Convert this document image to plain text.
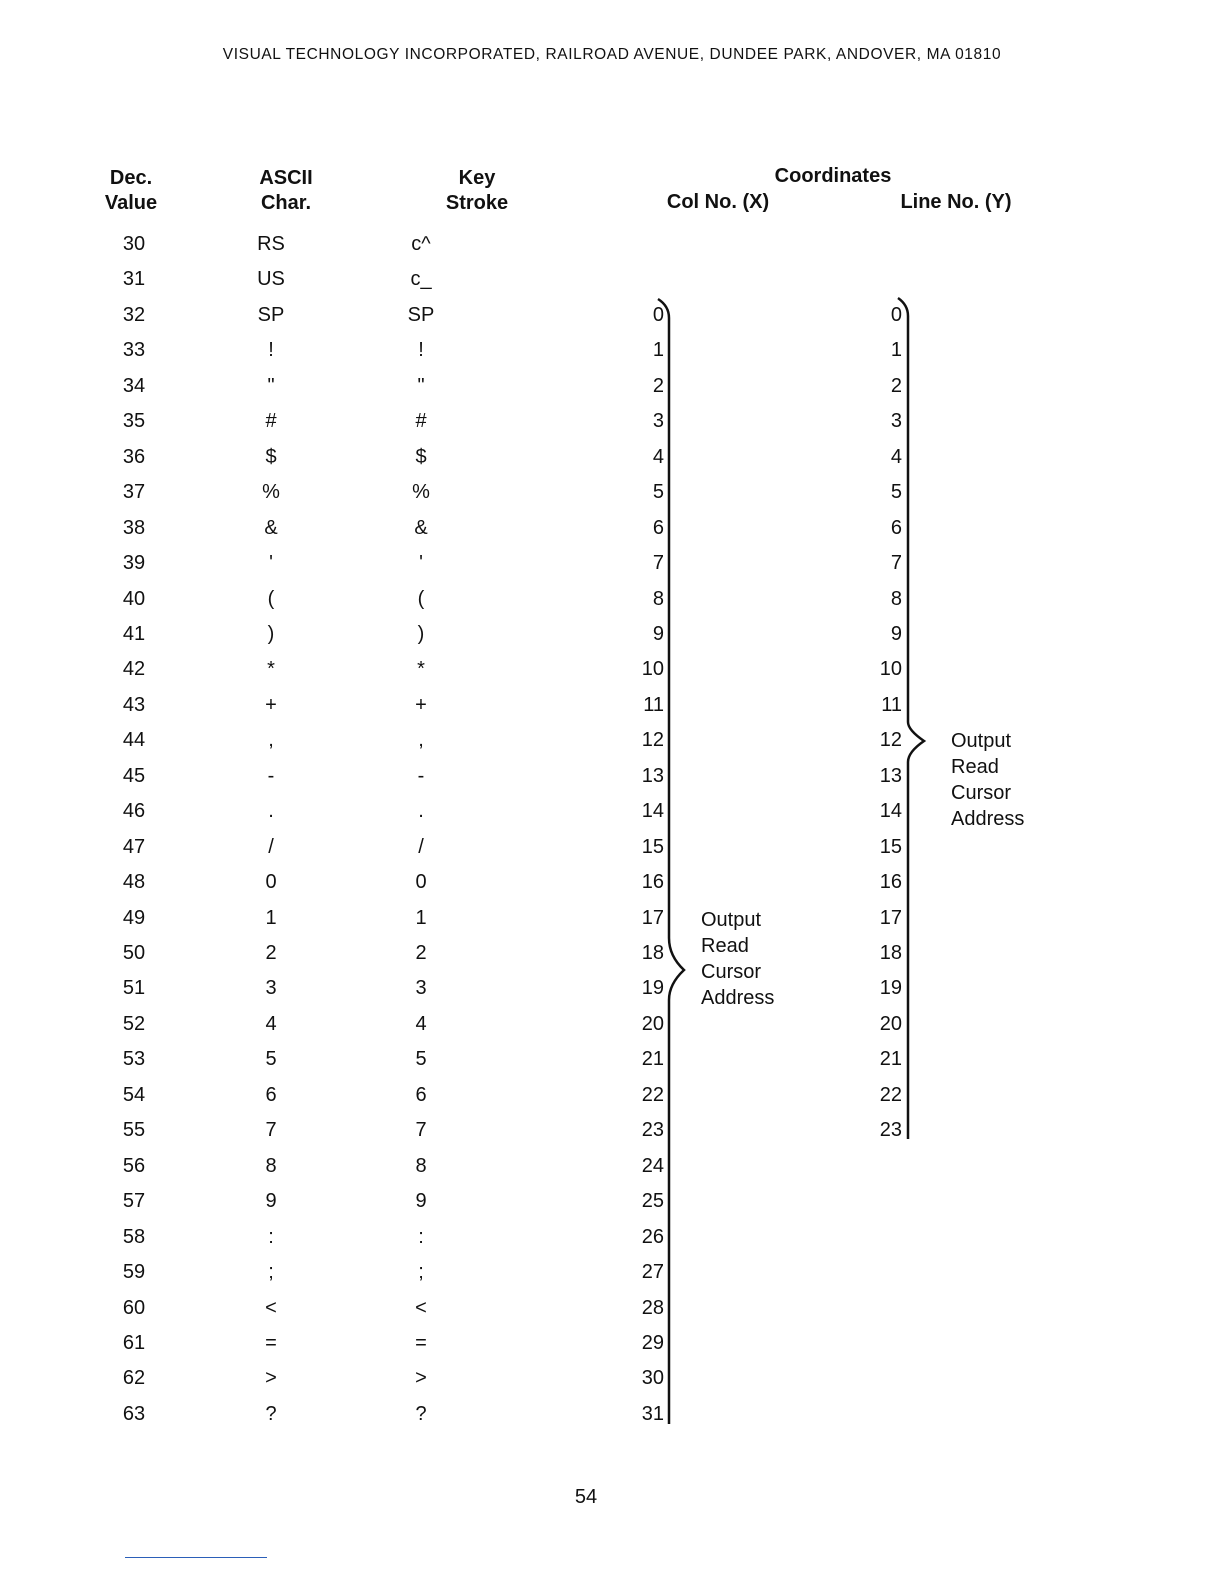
VISUAL TECHNOLOGY INCORPORATED, RAILROAD AVENUE, DUNDEE PARK, ANDOVER, MA 01810
Dec.
Value
ASCII
Char.
Key
Stroke
Coordinates
Col No. (X)	Line No. (Y)
30	RS	c^
31	US	c_
32	SP	SP	0	0
33	!	!	1	1
34	"	"	2	2
35	#	#	3	3
36	$	$	4	4
37	%	%	5	5
38	&	&	6	6
39	'	'	7	7
40	(	(	8	8
41	)	)	9	9
42	*	*	10	10
43	+	+	11	11
44	,	,	12	12
45	-	-	13	13
46	.	.	14	14
47	/	/	15	15
48	0	0	16	16
49	1	1	17	17
50	2	2	18	18
51	3	3	19	19
52	4	4	20	20
53	5	5	21	21
54	6	6	22	22
55	7	7	23	23
56	8	8	24
57	9	9	25
58	:	:	26
59	;	;	27
60	<	<	28
61	=	=	29
62	>	>	30
63	?	?	31
Output
Read
Cursor
Address
Output
Read
Cursor
Address
54
